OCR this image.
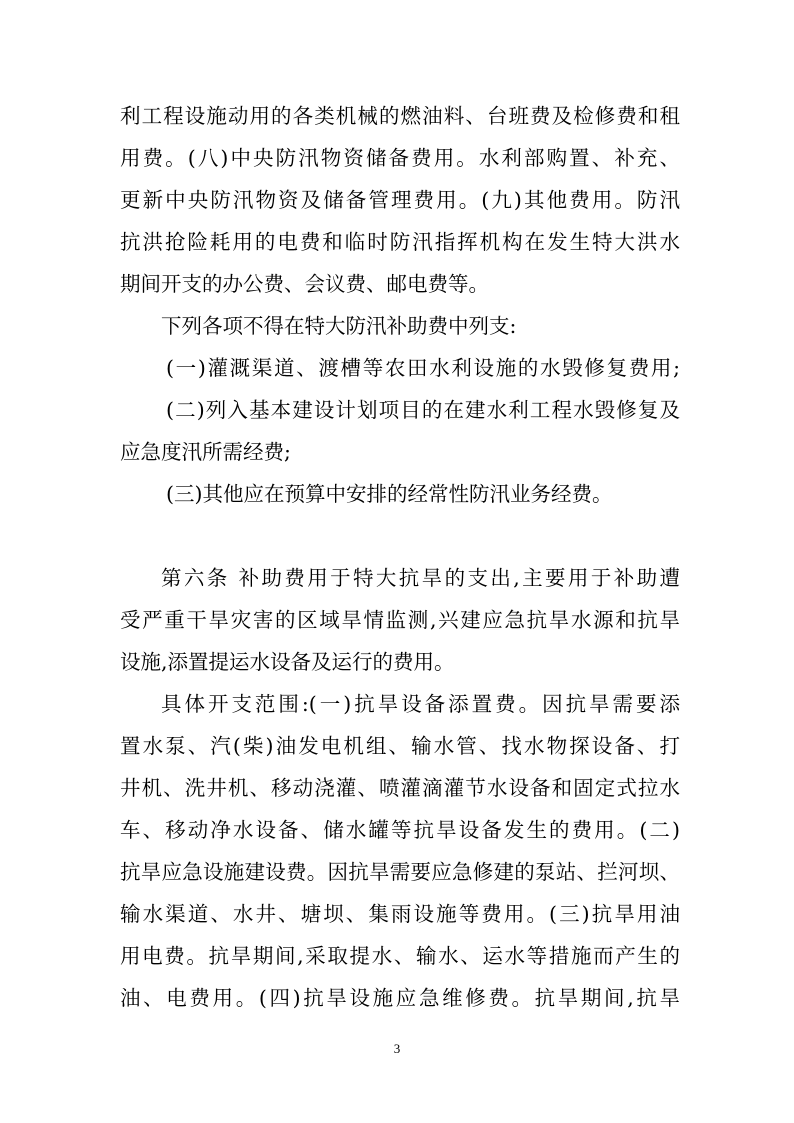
利工程设施动用的各类机械的燃油料、台班费及检修费和租
用费。(八)中央防汛物资储备费用。水利部购置、补充、
更新中央防汛物资及储备管理费用。(九)其他费用。防汛
抗洪抢险耗用的电费和临时防汛指挥机构在发生特大洪水
期间开支的办公费、会议费、邮电费等。
下列各项不得在特大防汛补助费中列支:
(一)灌溉渠道、渡槽等农田水利设施的水毁修复费用;
(二)列入基本建设计划项目的在建水利工程水毁修复及
应急度汛所需经费;
(三)其他应在预算中安排的经常性防汛业务经费。
第六条 补助费用于特大抗旱的支出,主要用于补助遭
受严重干旱灾害的区域旱情监测,兴建应急抗旱水源和抗旱
设施,添置提运水设备及运行的费用。
具体开支范围:(一)抗旱设备添置费。因抗旱需要添
置水泵、汽(柴)油发电机组、输水管、找水物探设备、打
井机、洗井机、移动浇灌、喷灌滴灌节水设备和固定式拉水
车、移动净水设备、储水罐等抗旱设备发生的费用。(二)
抗旱应急设施建设费。因抗旱需要应急修建的泵站、拦河坝、
输水渠道、水井、塘坝、集雨设施等费用。(三)抗旱用油
用电费。抗旱期间,采取提水、输水、运水等措施而产生的
油、电费用。(四)抗旱设施应急维修费。抗旱期间,抗旱
3
